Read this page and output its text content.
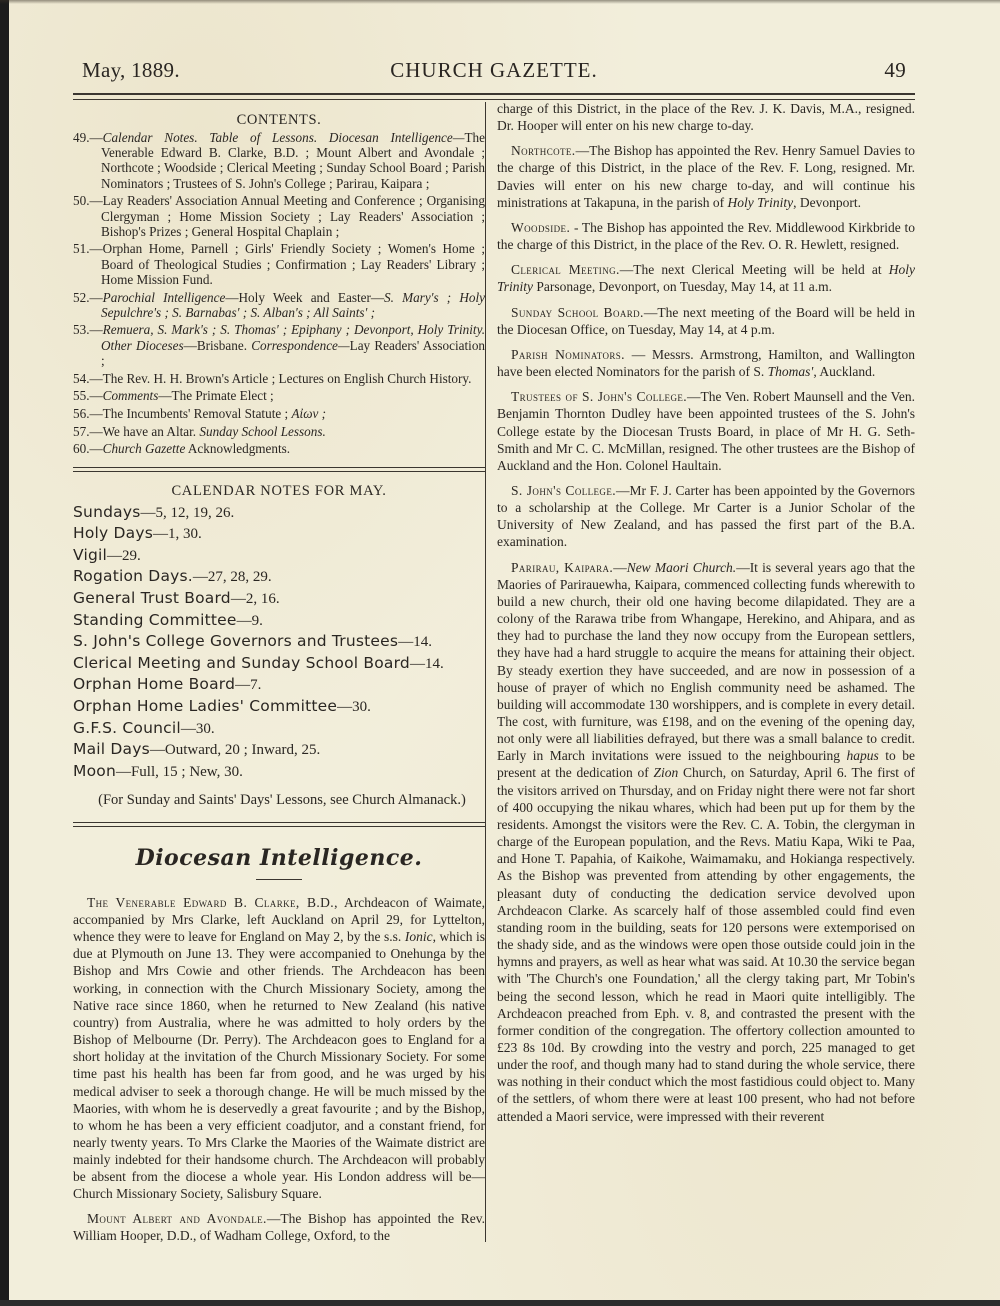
May, 1889.	CHURCH GAZETTE.	49
CONTENTS.
49.—Calendar Notes. Table of Lessons. Diocesan Intelligence—The Venerable Edward B. Clarke, B.D. ; Mount Albert and Avondale ; Northcote ; Woodside ; Clerical Meeting ; Sunday School Board ; Parish Nominators ; Trustees of S. John's College ; Parirau, Kaipara ;
50.—Lay Readers' Association Annual Meeting and Conference ; Organising Clergyman ; Home Mission Society ; Lay Readers' Association ; Bishop's Prizes ; General Hospital Chaplain ;
51.—Orphan Home, Parnell ; Girls' Friendly Society ; Women's Home ; Board of Theological Studies ; Confirmation ; Lay Readers' Library ; Home Mission Fund.
52.—Parochial Intelligence—Holy Week and Easter—S. Mary's ; Holy Sepulchre's ; S. Barnabas' ; S. Alban's ; All Saints' ;
53.—Remuera, S. Mark's ; S. Thomas' ; Epiphany ; Devonport, Holy Trinity. Other Dioceses—Brisbane. Correspondence—Lay Readers' Association ;
54.—The Rev. H. H. Brown's Article ; Lectures on English Church History.
55.—Comments—The Primate Elect ;
56.—The Incumbents' Removal Statute ; Aἰων ;
57.—We have an Altar. Sunday School Lessons.
60.—Church Gazette Acknowledgments.
CALENDAR NOTES FOR MAY.
Sundays—5, 12, 19, 26.
Holy Days—1, 30.
Vigil—29.
Rogation Days.—27, 28, 29.
General Trust Board—2, 16.
Standing Committee—9.
S. John's College Governors and Trustees—14.
Clerical Meeting and Sunday School Board—14.
Orphan Home Board—7.
Orphan Home Ladies' Committee—30.
G.F.S. Council—30.
Mail Days—Outward, 20 ; Inward, 25.
Moon—Full, 15 ; New, 30.
(For Sunday and Saints' Days' Lessons, see Church Almanack.)
Diocesan Intelligence.

The Venerable Edward B. Clarke, B.D., Archdeacon of Waimate, accompanied by Mrs Clarke, left Auckland on April 29, for Lyttelton, whence they were to leave for England on May 2, by the s.s. Ionic, which is due at Plymouth on June 13. They were accompanied to Onehunga by the Bishop and Mrs Cowie and other friends. The Archdeacon has been working, in connection with the Church Missionary Society, among the Native race since 1860, when he returned to New Zealand (his native country) from Australia, where he was admitted to holy orders by the Bishop of Melbourne (Dr. Perry). The Archdeacon goes to England for a short holiday at the invitation of the Church Missionary Society. For some time past his health has been far from good, and he was urged by his medical adviser to seek a thorough change. He will be much missed by the Maories, with whom he is deservedly a great favourite ; and by the Bishop, to whom he has been a very efficient coadjutor, and a constant friend, for nearly twenty years. To Mrs Clarke the Maories of the Waimate district are mainly indebted for their handsome church. The Archdeacon will probably be absent from the diocese a whole year. His London address will be—Church Missionary Society, Salisbury Square.

Mount Albert and Avondale.—The Bishop has appointed the Rev. William Hooper, D.D., of Wadham College, Oxford, to the

charge of this District, in the place of the Rev. J. K. Davis, M.A., resigned. Dr. Hooper will enter on his new charge to-day.

Northcote.—The Bishop has appointed the Rev. Henry Samuel Davies to the charge of this District, in the place of the Rev. F. Long, resigned. Mr. Davies will enter on his new charge to-day, and will continue his ministrations at Takapuna, in the parish of Holy Trinity, Devonport.

Woodside. - The Bishop has appointed the Rev. Middlewood Kirkbride to the charge of this District, in the place of the Rev. O. R. Hewlett, resigned.

Clerical Meeting.—The next Clerical Meeting will be held at Holy Trinity Parsonage, Devonport, on Tuesday, May 14, at 11 a.m.

Sunday School Board.—The next meeting of the Board will be held in the Diocesan Office, on Tuesday, May 14, at 4 p.m.

Parish Nominators. — Messrs. Armstrong, Hamilton, and Wallington have been elected Nominators for the parish of S. Thomas', Auckland.

Trustees of S. John's College.—The Ven. Robert Maunsell and the Ven. Benjamin Thornton Dudley have been appointed trustees of the S. John's College estate by the Diocesan Trusts Board, in place of Mr H. G. Seth-Smith and Mr C. C. McMillan, resigned. The other trustees are the Bishop of Auckland and the Hon. Colonel Haultain.

S. John's College.—Mr F. J. Carter has been appointed by the Governors to a scholarship at the College. Mr Carter is a Junior Scholar of the University of New Zealand, and has passed the first part of the B.A. examination.

Parirau, Kaipara.—New Maori Church.—It is several years ago that the Maories of Parirauewha, Kaipara, commenced collecting funds wherewith to build a new church, their old one having become dilapidated. They are a colony of the Rarawa tribe from Whangape, Herekino, and Ahipara, and as they had to purchase the land they now occupy from the European settlers, they have had a hard struggle to acquire the means for attaining their object. By steady exertion they have succeeded, and are now in possession of a house of prayer of which no English community need be ashamed. The building will accommodate 130 worshippers, and is complete in every detail. The cost, with furniture, was £198, and on the evening of the opening day, not only were all liabilities defrayed, but there was a small balance to credit. Early in March invitations were issued to the neighbouring hapus to be present at the dedication of Zion Church, on Saturday, April 6. The first of the visitors arrived on Thursday, and on Friday night there were not far short of 400 occupying the nikau whares, which had been put up for them by the residents. Amongst the visitors were the Rev. C. A. Tobin, the clergyman in charge of the European population, and the Revs. Matiu Kapa, Wiki te Paa, and Hone T. Papahia, of Kaikohe, Waimamaku, and Hokianga respectively. As the Bishop was prevented from attending by other engagements, the pleasant duty of conducting the dedication service devolved upon Archdeacon Clarke. As scarcely half of those assembled could find even standing room in the building, seats for 120 persons were extemporised on the shady side, and as the windows were open those outside could join in the hymns and prayers, as well as hear what was said. At 10.30 the service began with 'The Church's one Foundation,' all the clergy taking part, Mr Tobin's being the second lesson, which he read in Maori quite intelligibly. The Archdeacon preached from Eph. v. 8, and contrasted the present with the former condition of the congregation. The offertory collection amounted to £23 8s 10d. By crowding into the vestry and porch, 225 managed to get under the roof, and though many had to stand during the whole service, there was nothing in their conduct which the most fastidious could object to. Many of the settlers, of whom there were at least 100 present, who had not before attended a Maori service, were impressed with their reverent
